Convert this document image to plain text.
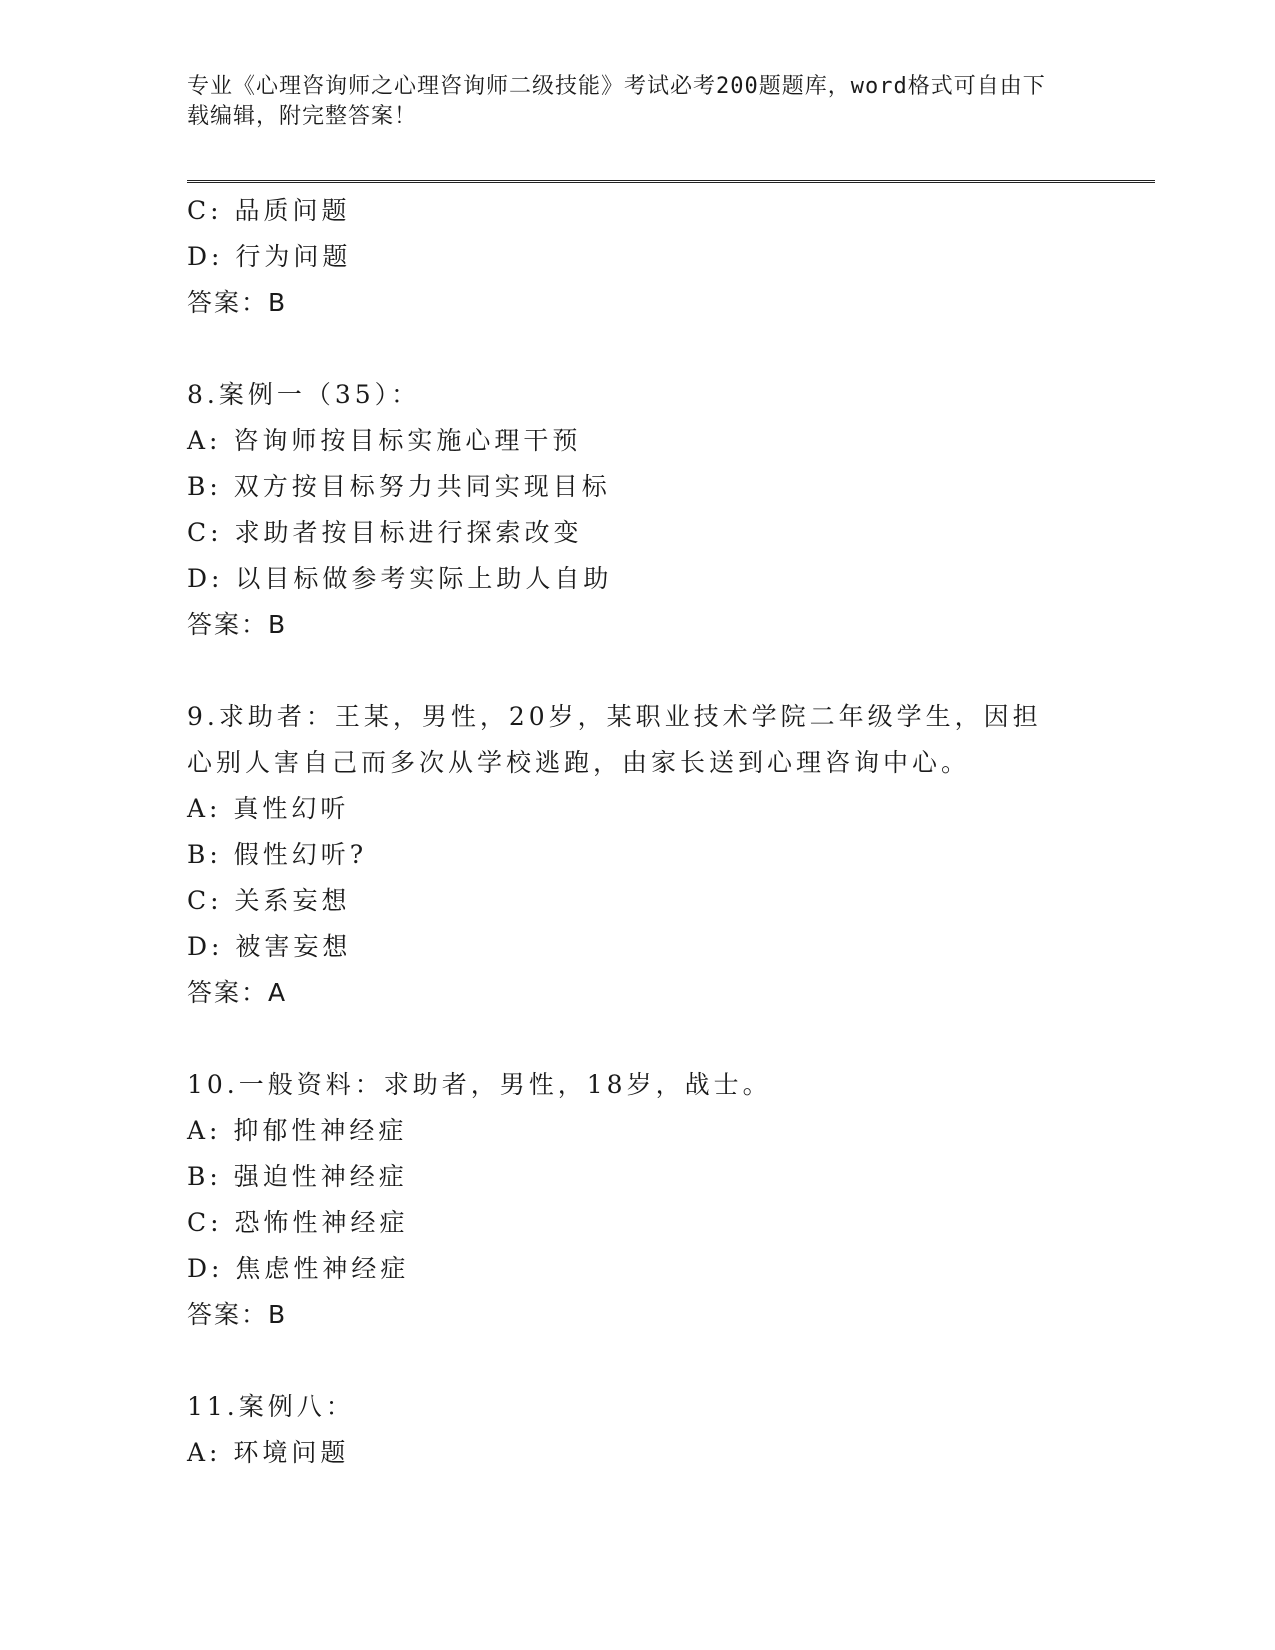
专业《心理咨询师之心理咨询师二级技能》考试必考200题题库，word格式可自由下载编辑，附完整答案！
C: 品质问题
D: 行为问题
答案：B
8.案例一（35）：
A: 咨询师按目标实施心理干预
B: 双方按目标努力共同实现目标
C: 求助者按目标进行探索改变
D: 以目标做参考实际上助人自助
答案：B
9.求助者：王某，男性，20岁，某职业技术学院二年级学生，因担心别人害自己而多次从学校逃跑，由家长送到心理咨询中心。
A: 真性幻听
B: 假性幻听?
C: 关系妄想
D: 被害妄想
答案：A
10.一般资料：求助者，男性，18岁，战士。
A: 抑郁性神经症
B: 强迫性神经症
C: 恐怖性神经症
D: 焦虑性神经症
答案：B
11.案例八：
A: 环境问题
